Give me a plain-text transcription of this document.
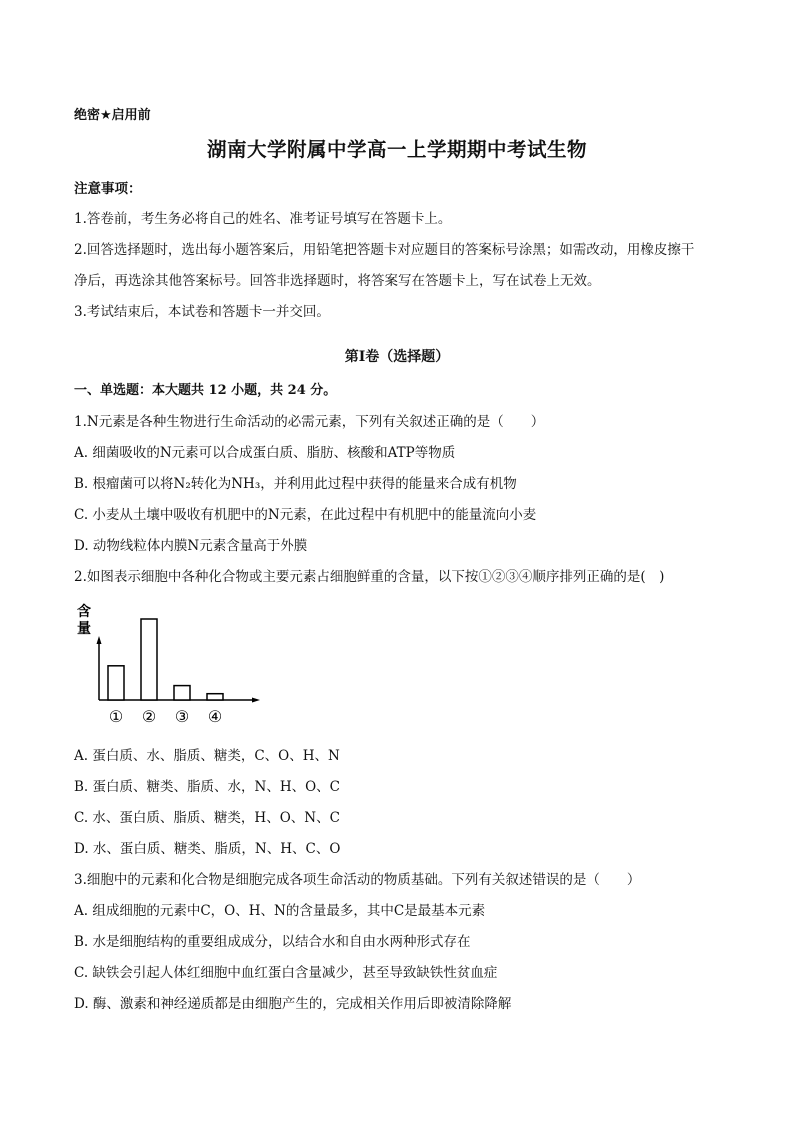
绝密★启用前
湖南大学附属中学高一上学期期中考试生物
注意事项：
1.答卷前，考生务必将自己的姓名、准考证号填写在答题卡上。
2.回答选择题时，选出每小题答案后，用铅笔把答题卡对应题目的答案标号涂黑；如需改动，用橡皮擦干
净后，再选涂其他答案标号。回答非选择题时，将答案写在答题卡上，写在试卷上无效。
3.考试结束后，本试卷和答题卡一并交回。
第Ⅰ卷（选择题）
一、单选题：本大题共 12 小题，共 24 分。
1.N元素是各种生物进行生命活动的必需元素，下列有关叙述正确的是（　　）
A. 细菌吸收的N元素可以合成蛋白质、脂肪、核酸和ATP等物质
B. 根瘤菌可以将N₂转化为NH₃，并利用此过程中获得的能量来合成有机物
C. 小麦从土壤中吸收有机肥中的N元素，在此过程中有机肥中的能量流向小麦
D. 动物线粒体内膜N元素含量高于外膜
2.如图表示细胞中各种化合物或主要元素占细胞鲜重的含量，以下按①②③④顺序排列正确的是(　)
含
量
① ② ③ ④
A. 蛋白质、水、脂质、糖类，C、O、H、N
B. 蛋白质、糖类、脂质、水，N、H、O、C
C. 水、蛋白质、脂质、糖类，H、O、N、C
D. 水、蛋白质、糖类、脂质，N、H、C、O
3.细胞中的元素和化合物是细胞完成各项生命活动的物质基础。下列有关叙述错误的是（　　）
A. 组成细胞的元素中C，O、H、N的含量最多，其中C是最基本元素
B. 水是细胞结构的重要组成成分，以结合水和自由水两种形式存在
C. 缺铁会引起人体红细胞中血红蛋白含量减少，甚至导致缺铁性贫血症
D. 酶、激素和神经递质都是由细胞产生的，完成相关作用后即被清除降解
